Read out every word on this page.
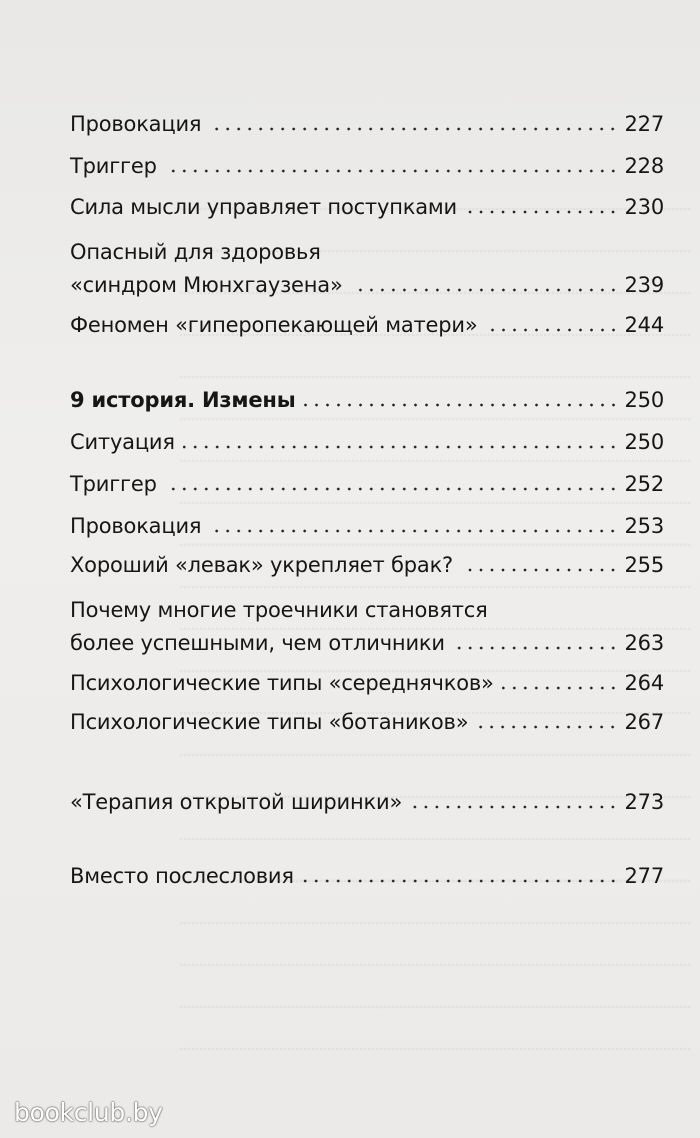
Провокация	227
Триггер	228
Сила мысли управляет поступками	230
Опасный для здоровья
«синдром Мюнхгаузена»	239
Феномен «гиперопекающей матери»	244
9 история. Измены	250
Ситуация	250
Триггер	252
Провокация	253
Хороший «левак» укрепляет брак?	255
Почему многие троечники становятся
более успешными, чем отличники	263
Психологические типы «середнячков»	264
Психологические типы «ботаников»	267
«Терапия открытой ширинки»	273
Вместо послесловия	277
bookclub.by
